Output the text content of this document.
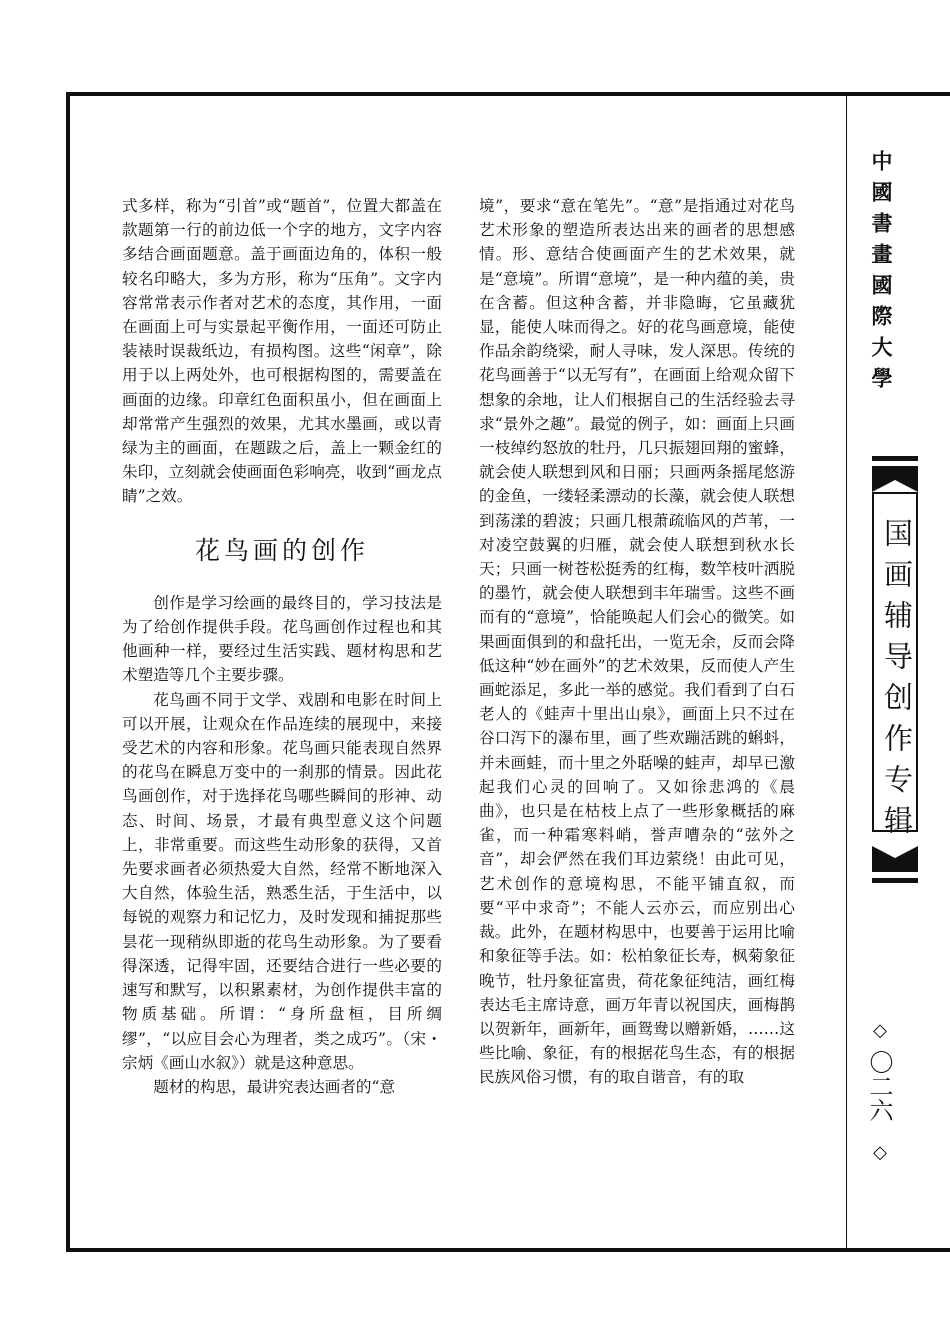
式多样，称为“引首”或“题首”，位置大都盖在款题第一行的前边低一个字的地方，文字内容多结合画面题意。盖于画面边角的，体积一般较名印略大，多为方形，称为“压角”。文字内容常常表示作者对艺术的态度，其作用，一面在画面上可与实景起平衡作用，一面还可防止装裱时误裁纸边，有损构图。这些“闲章”，除用于以上两处外，也可根据构图的，需要盖在画面的边缘。印章红色面积虽小，但在画面上却常常产生强烈的效果，尤其水墨画，或以青绿为主的画面，在题跋之后，盖上一颗金红的朱印，立刻就会使画面色彩响亮，收到“画龙点睛”之效。

花鸟画的创作

创作是学习绘画的最终目的，学习技法是为了给创作提供手段。花鸟画创作过程也和其他画种一样，要经过生活实践、题材构思和艺术塑造等几个主要步骤。

花鸟画不同于文学、戏剧和电影在时间上可以开展，让观众在作品连续的展现中，来接受艺术的内容和形象。花鸟画只能表现自然界的花鸟在瞬息万变中的一刹那的情景。因此花鸟画创作，对于选择花鸟哪些瞬间的形神、动态、时间、场景，才最有典型意义这个问题上，非常重要。而这些生动形象的获得，又首先要求画者必须热爱大自然，经常不断地深入大自然，体验生活，熟悉生活，于生活中，以每锐的观察力和记忆力，及时发现和捕捉那些昙花一现稍纵即逝的花鸟生动形象。为了要看得深透，记得牢固，还要结合进行一些必要的速写和默写，以积累素材，为创作提供丰富的物质基础。所谓：“身所盘桓，目所绸缪”，“以应目会心为理者，类之成巧”。（宋・宗炳《画山水叙》）就是这种意思。

题材的构思，最讲究表达画者的“意

境”，要求“意在笔先”。“意”是指通过对花鸟艺术形象的塑造所表达出来的画者的思想感情。形、意结合使画面产生的艺术效果，就是“意境”。所谓“意境”，是一种内蕴的美，贵在含蓄。但这种含蓄，并非隐晦，它虽藏犹显，能使人味而得之。好的花鸟画意境，能使作品余韵绕梁，耐人寻味，发人深思。传统的花鸟画善于“以无写有”，在画面上给观众留下想象的余地，让人们根据自己的生活经验去寻求“景外之趣”。最觉的例子，如：画面上只画一枝绰约怒放的牡丹，几只振翅回翔的蜜蜂，就会使人联想到风和日丽；只画两条摇尾悠游的金鱼，一缕轻柔漂动的长藻，就会使人联想到荡漾的碧波；只画几根萧疏临风的芦苇，一对凌空鼓翼的归雁，就会使人联想到秋水长天；只画一树苍松挺秀的红梅，数竿枝叶洒脱的墨竹，就会使人联想到丰年瑞雪。这些不画而有的“意境”，恰能唤起人们会心的微笑。如果画面俱到的和盘托出，一览无余，反而会降低这种“妙在画外”的艺术效果，反而使人产生画蛇添足，多此一举的感觉。我们看到了白石老人的《蛙声十里出山泉》，画面上只不过在谷口泻下的瀑布里，画了些欢蹦活跳的蝌蚪，并未画蛙，而十里之外聒噪的蛙声，却早已激起我们心灵的回响了。又如徐悲鸿的《晨曲》，也只是在枯枝上点了一些形象概括的麻雀，而一种霜寒料峭，誉声嘈杂的“弦外之音”，却会俨然在我们耳边萦绕！由此可见，艺术创作的意境构思，不能平铺直叙，而要“平中求奇”；不能人云亦云，而应别出心裁。此外，在题材构思中，也要善于运用比喻和象征等手法。如：松柏象征长寿，枫菊象征晚节，牡丹象征富贵，荷花象征纯洁，画红梅表达毛主席诗意，画万年青以祝国庆，画梅鹊以贺新年，画新年，画鸳鸯以赠新婚，……这些比喻、象征，有的根据花鸟生态，有的根据民族风俗习惯，有的取自谐音，有的取

中國書畫國際大學
国画辅导创作专辑
◇
〇二六
◇
